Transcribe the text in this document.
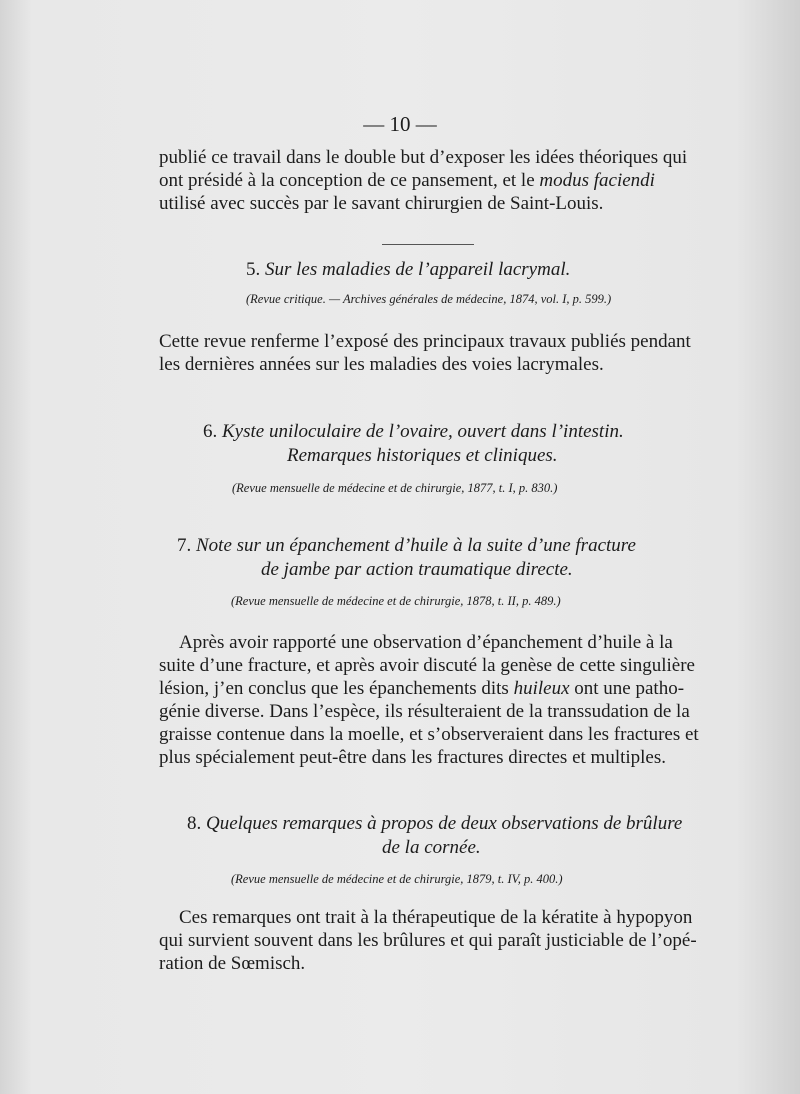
— 10 —

publié ce travail dans le double but d’exposer les idées théoriques qui

ont présidé à la conception de ce pansement, et le modus faciendi

utilisé avec succès par le savant chirurgien de Saint-Louis.

5. Sur les maladies de l’appareil lacrymal.
(Revue critique. — Archives générales de médecine, 1874, vol. I, p. 599.)

Cette revue renferme l’exposé des principaux travaux publiés pendant

les dernières années sur les maladies des voies lacrymales.

6. Kyste uniloculaire de l’ovaire, ouvert dans l’intestin.
Remarques historiques et cliniques.
(Revue mensuelle de médecine et de chirurgie, 1877, t. I, p. 830.)
7. Note sur un épanchement d’huile à la suite d’une fracture
de jambe par action traumatique directe.
(Revue mensuelle de médecine et de chirurgie, 1878, t. II, p. 489.)

Après avoir rapporté une observation d’épanchement d’huile à la

suite d’une fracture, et après avoir discuté la genèse de cette singulière

lésion, j’en conclus que les épanchements dits huileux ont une patho-

génie diverse. Dans l’espèce, ils résulteraient de la transsudation de la

graisse contenue dans la moelle, et s’observeraient dans les fractures et

plus spécialement peut-être dans les fractures directes et multiples.

8. Quelques remarques à propos de deux observations de brûlure
de la cornée.
(Revue mensuelle de médecine et de chirurgie, 1879, t. IV, p. 400.)

Ces remarques ont trait à la thérapeutique de la kératite à hypopyon

qui survient souvent dans les brûlures et qui paraît justiciable de l’opé-

ration de Sœmisch.
